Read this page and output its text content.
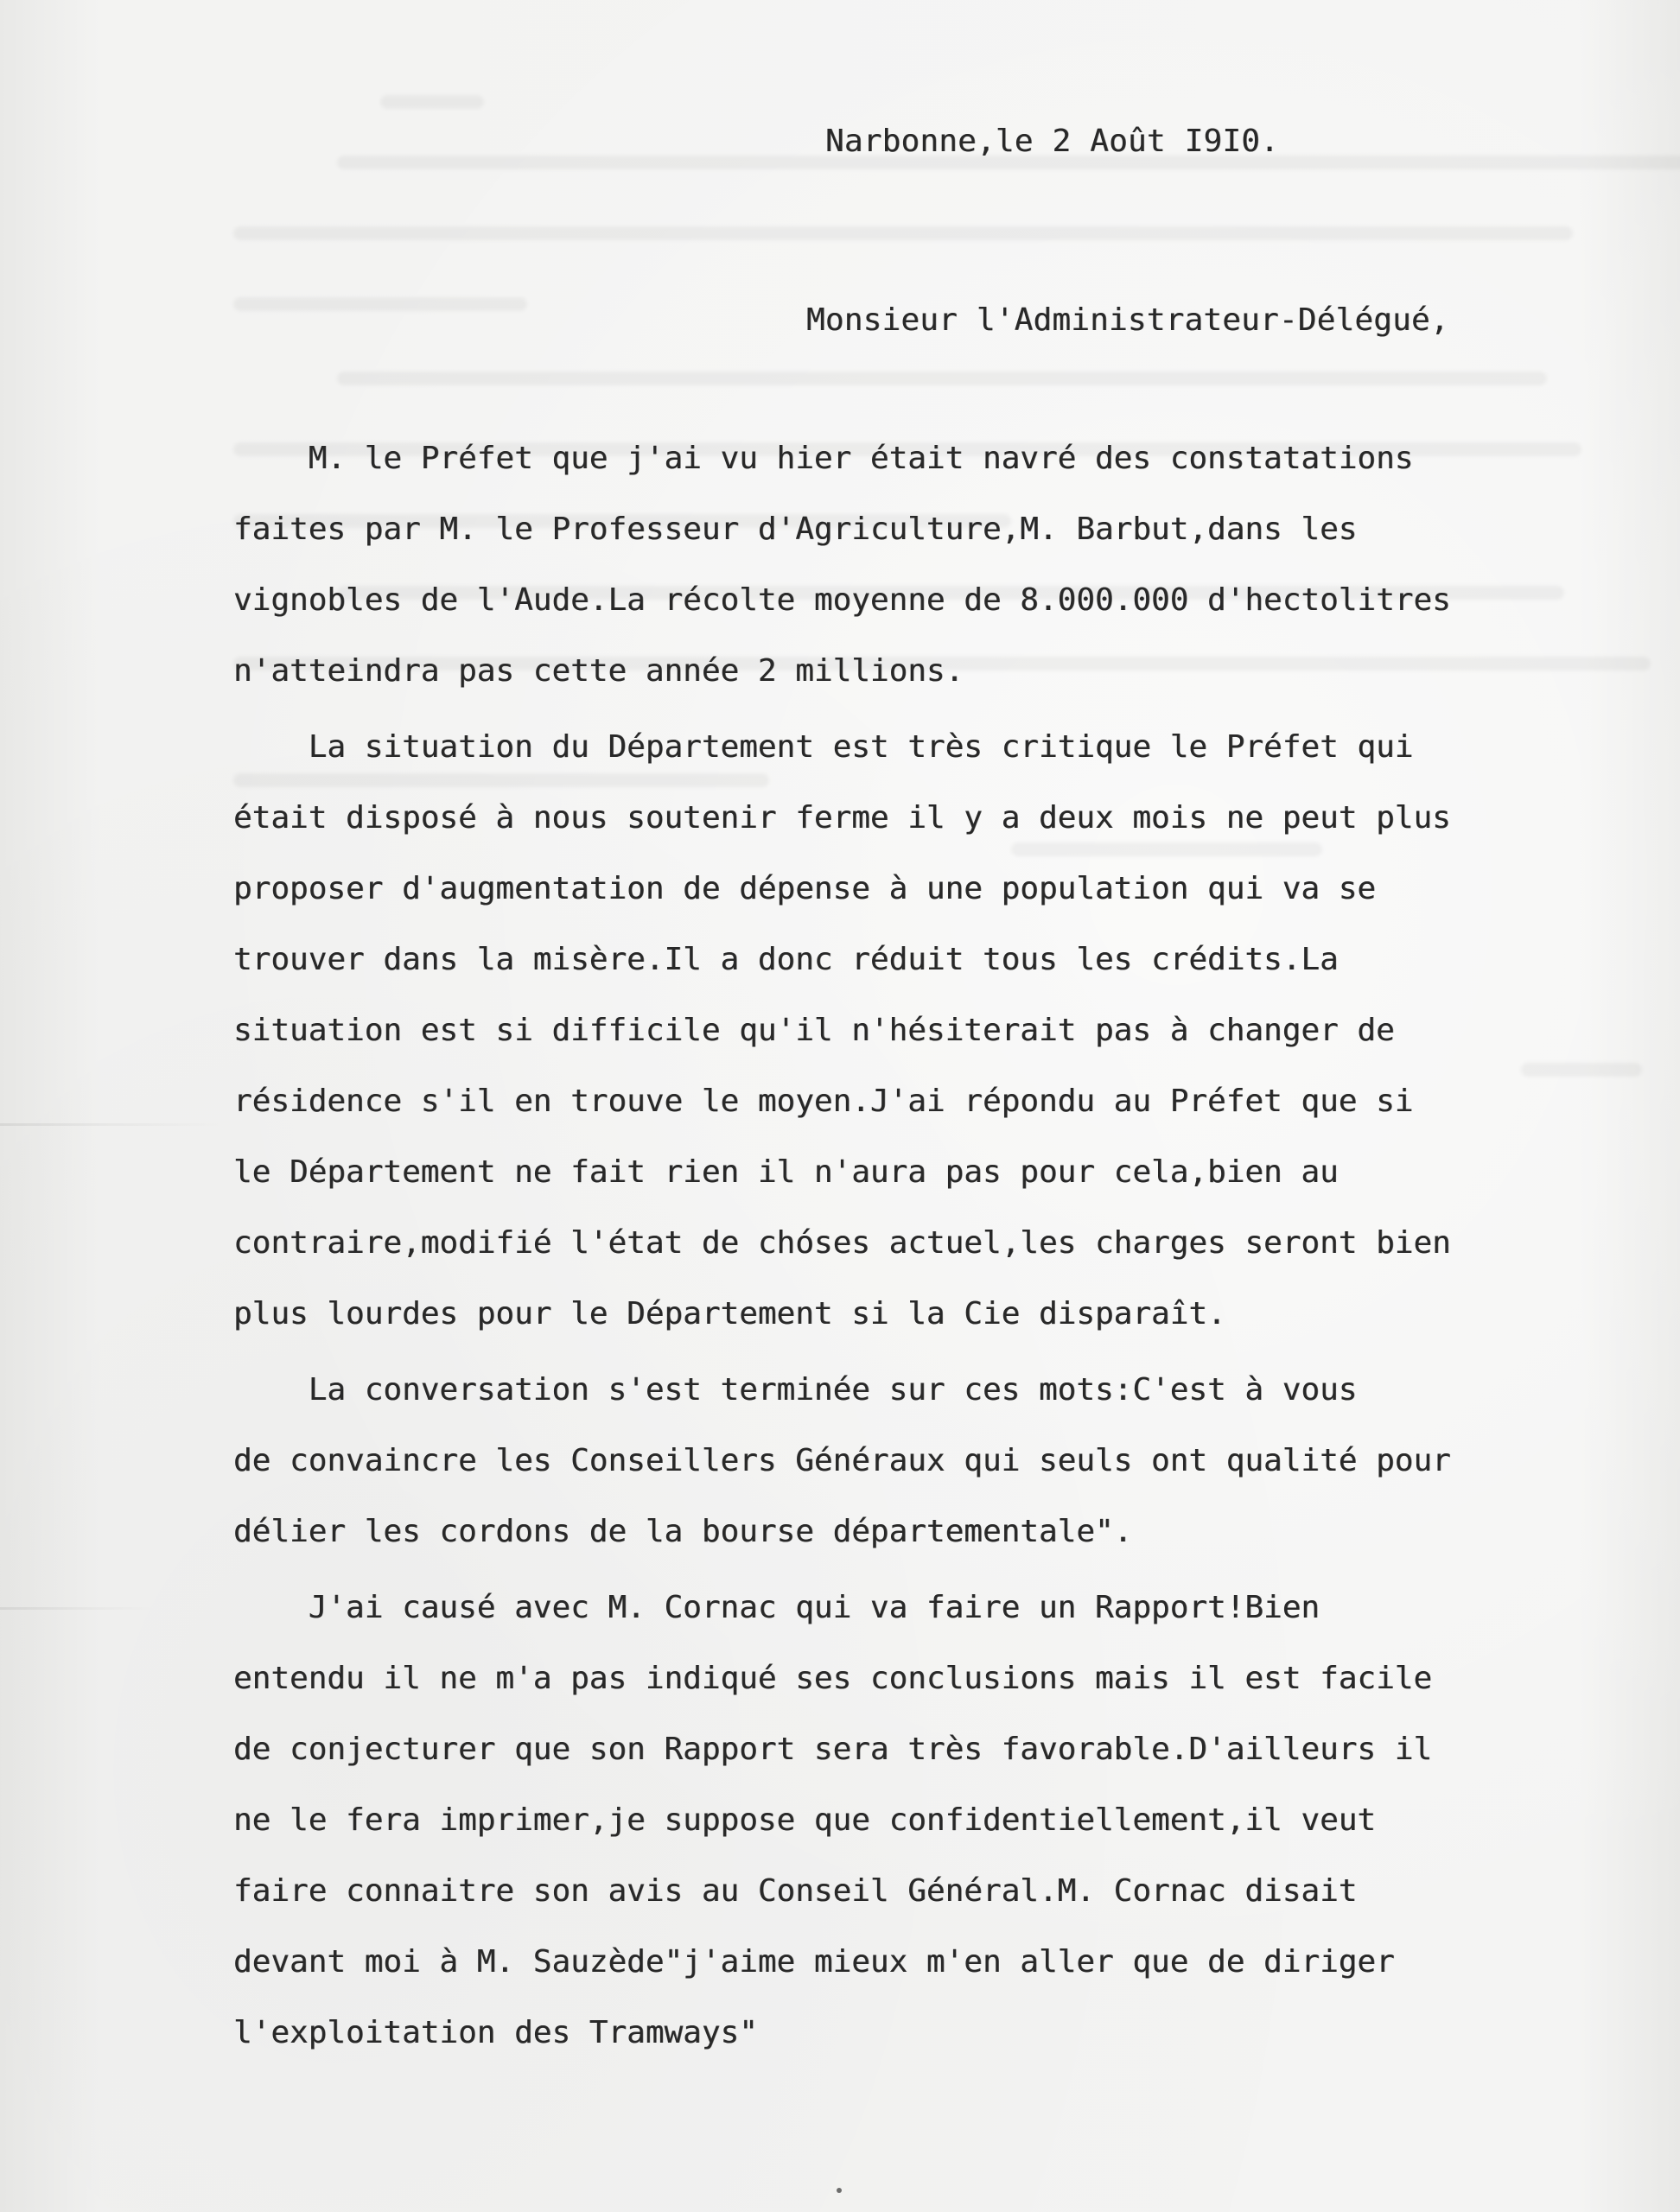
Narbonne,le 2 Août I9I0.
Monsieur l'Administrateur-Délégué,
M. le Préfet que j'ai vu hier était navré des constatations
faites par M. le Professeur d'Agriculture,M. Barbut,dans les
vignobles de l'Aude.La récolte moyenne de 8.000.000 d'hectolitres
n'atteindra pas cette année 2 millions.
La situation du Département est très critique le Préfet qui
était disposé à nous soutenir ferme il y a deux mois ne peut plus
proposer d'augmentation de dépense à une population qui va se
trouver dans la misère.Il a donc réduit tous les crédits.La
situation est si difficile qu'il n'hésiterait pas à changer de
résidence s'il en trouve le moyen.J'ai répondu au Préfet que si
le Département ne fait rien il n'aura pas pour cela,bien au
contraire,modifié l'état de chóses actuel,les charges seront bien
plus lourdes pour le Département si la Cie disparaît.
La conversation s'est terminée sur ces mots:C'est à vous
de convaincre les Conseillers Généraux qui seuls ont qualité pour
délier les cordons de la bourse départementale".
J'ai causé avec M. Cornac qui va faire un Rapport!Bien
entendu il ne m'a pas indiqué ses conclusions mais il est facile
de conjecturer que son Rapport sera très favorable.D'ailleurs il
ne le fera imprimer,je suppose que confidentiellement,il veut
faire connaitre son avis au Conseil Général.M. Cornac disait
devant moi à M. Sauzède"j'aime mieux m'en aller que de diriger
l'exploitation des Tramways"
